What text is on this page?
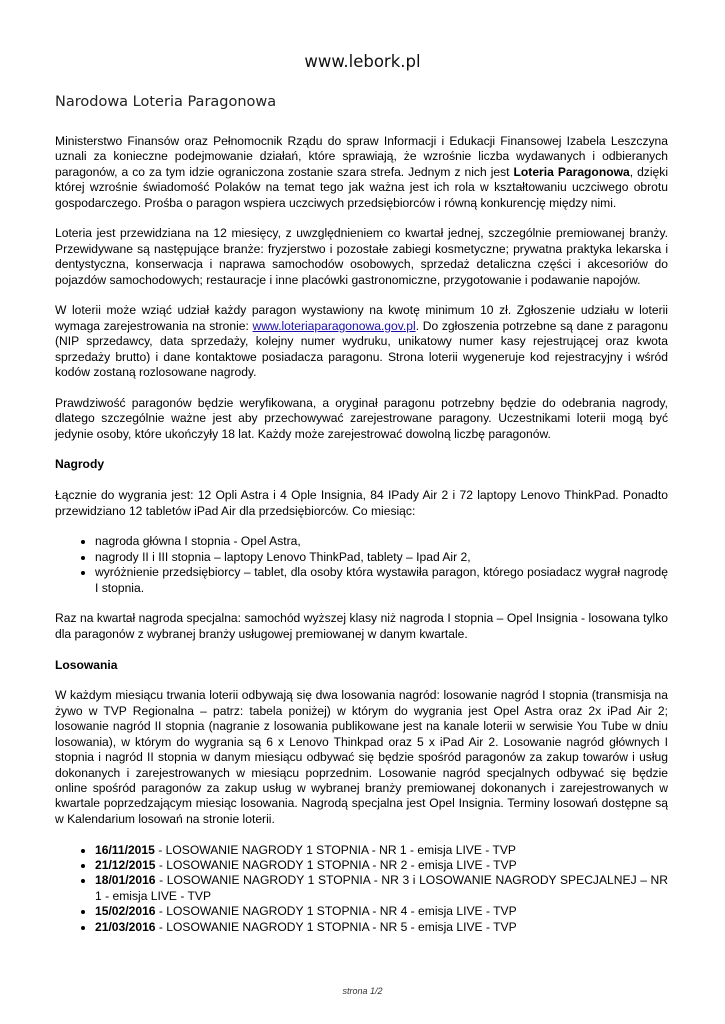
www.lebork.pl
Narodowa Loteria Paragonowa

Ministerstwo Finansów oraz Pełnomocnik Rządu do spraw Informacji i Edukacji Finansowej Izabela Leszczyna uznali za konieczne podejmowanie działań, które sprawiają, że wzrośnie liczba wydawanych i odbieranych paragonów, a co za tym idzie ograniczona zostanie szara strefa. Jednym z nich jest Loteria Paragonowa, dzięki której wzrośnie świadomość Polaków na temat tego jak ważna jest ich rola w kształtowaniu uczciwego obrotu gospodarczego. Prośba o paragon wspiera uczciwych przedsiębiorców i równą konkurencję między nimi.

Loteria jest przewidziana na 12 miesięcy, z uwzględnieniem co kwartał jednej, szczególnie premiowanej branży. Przewidywane są następujące branże: fryzjerstwo i pozostałe zabiegi kosmetyczne; prywatna praktyka lekarska i dentystyczna, konserwacja i naprawa samochodów osobowych, sprzedaż detaliczna części i akcesoriów do pojazdów samochodowych; restauracje i inne placówki gastronomiczne, przygotowanie i podawanie napojów.

W loterii może wziąć udział każdy paragon wystawiony na kwotę minimum 10 zł. Zgłoszenie udziału w loterii wymaga zarejestrowania na stronie: www.loteriaparagonowa.gov.pl. Do zgłoszenia potrzebne są dane z paragonu (NIP sprzedawcy, data sprzedaży, kolejny numer wydruku, unikatowy numer kasy rejestrującej oraz kwota sprzedaży brutto) i dane kontaktowe posiadacza paragonu. Strona loterii wygeneruje kod rejestracyjny i wśród kodów zostaną rozlosowane nagrody.

Prawdziwość paragonów będzie weryfikowana, a oryginał paragonu potrzebny będzie do odebrania nagrody, dlatego szczególnie ważne jest aby przechowywać zarejestrowane paragony. Uczestnikami loterii mogą być jedynie osoby, które ukończyły 18 lat. Każdy może zarejestrować dowolną liczbę paragonów.

Nagrody

Łącznie do wygrania jest: 12 Opli Astra i 4 Ople Insignia, 84 IPady Air 2 i 72 laptopy Lenovo ThinkPad. Ponadto przewidziano 12 tabletów iPad Air dla przedsiębiorców. Co miesiąc:

• nagroda główna I stopnia - Opel Astra,
• nagrody II i III stopnia – laptopy Lenovo ThinkPad, tablety – Ipad Air 2,
• wyróżnienie przedsiębiorcy – tablet, dla osoby która wystawiła paragon, którego posiadacz wygrał nagrodę I stopnia.

Raz na kwartał nagroda specjalna: samochód wyższej klasy niż nagroda I stopnia – Opel Insignia - losowana tylko dla paragonów z wybranej branży usługowej premiowanej w danym kwartale.

Losowania

W każdym miesiącu trwania loterii odbywają się dwa losowania nagród: losowanie nagród I stopnia (transmisja na żywo w TVP Regionalna – patrz: tabela poniżej) w którym do wygrania jest Opel Astra oraz 2x iPad Air 2; losowanie nagród II stopnia (nagranie z losowania publikowane jest na kanale loterii w serwisie You Tube w dniu losowania), w którym do wygrania są 6 x Lenovo Thinkpad oraz 5 x iPad Air 2. Losowanie nagród głównych I stopnia i nagród II stopnia w danym miesiącu odbywać się będzie spośród paragonów za zakup towarów i usług dokonanych i zarejestrowanych w miesiącu poprzednim. Losowanie nagród specjalnych odbywać się będzie online spośród paragonów za zakup usług w wybranej branży premiowanej dokonanych i zarejestrowanych w kwartale poprzedzającym miesiąc losowania. Nagrodą specjalna jest Opel Insignia. Terminy losowań dostępne są w Kalendarium losowań na stronie loterii.

• 16/11/2015 - LOSOWANIE NAGRODY 1 STOPNIA - NR 1 - emisja LIVE - TVP
• 21/12/2015 - LOSOWANIE NAGRODY 1 STOPNIA - NR 2 - emisja LIVE - TVP
• 18/01/2016 - LOSOWANIE NAGRODY 1 STOPNIA - NR 3 i LOSOWANIE NAGRODY SPECJALNEJ – NR 1 - emisja LIVE - TVP
• 15/02/2016 - LOSOWANIE NAGRODY 1 STOPNIA - NR 4 - emisja LIVE - TVP
• 21/03/2016 - LOSOWANIE NAGRODY 1 STOPNIA - NR 5 - emisja LIVE - TVP
strona 1/2
